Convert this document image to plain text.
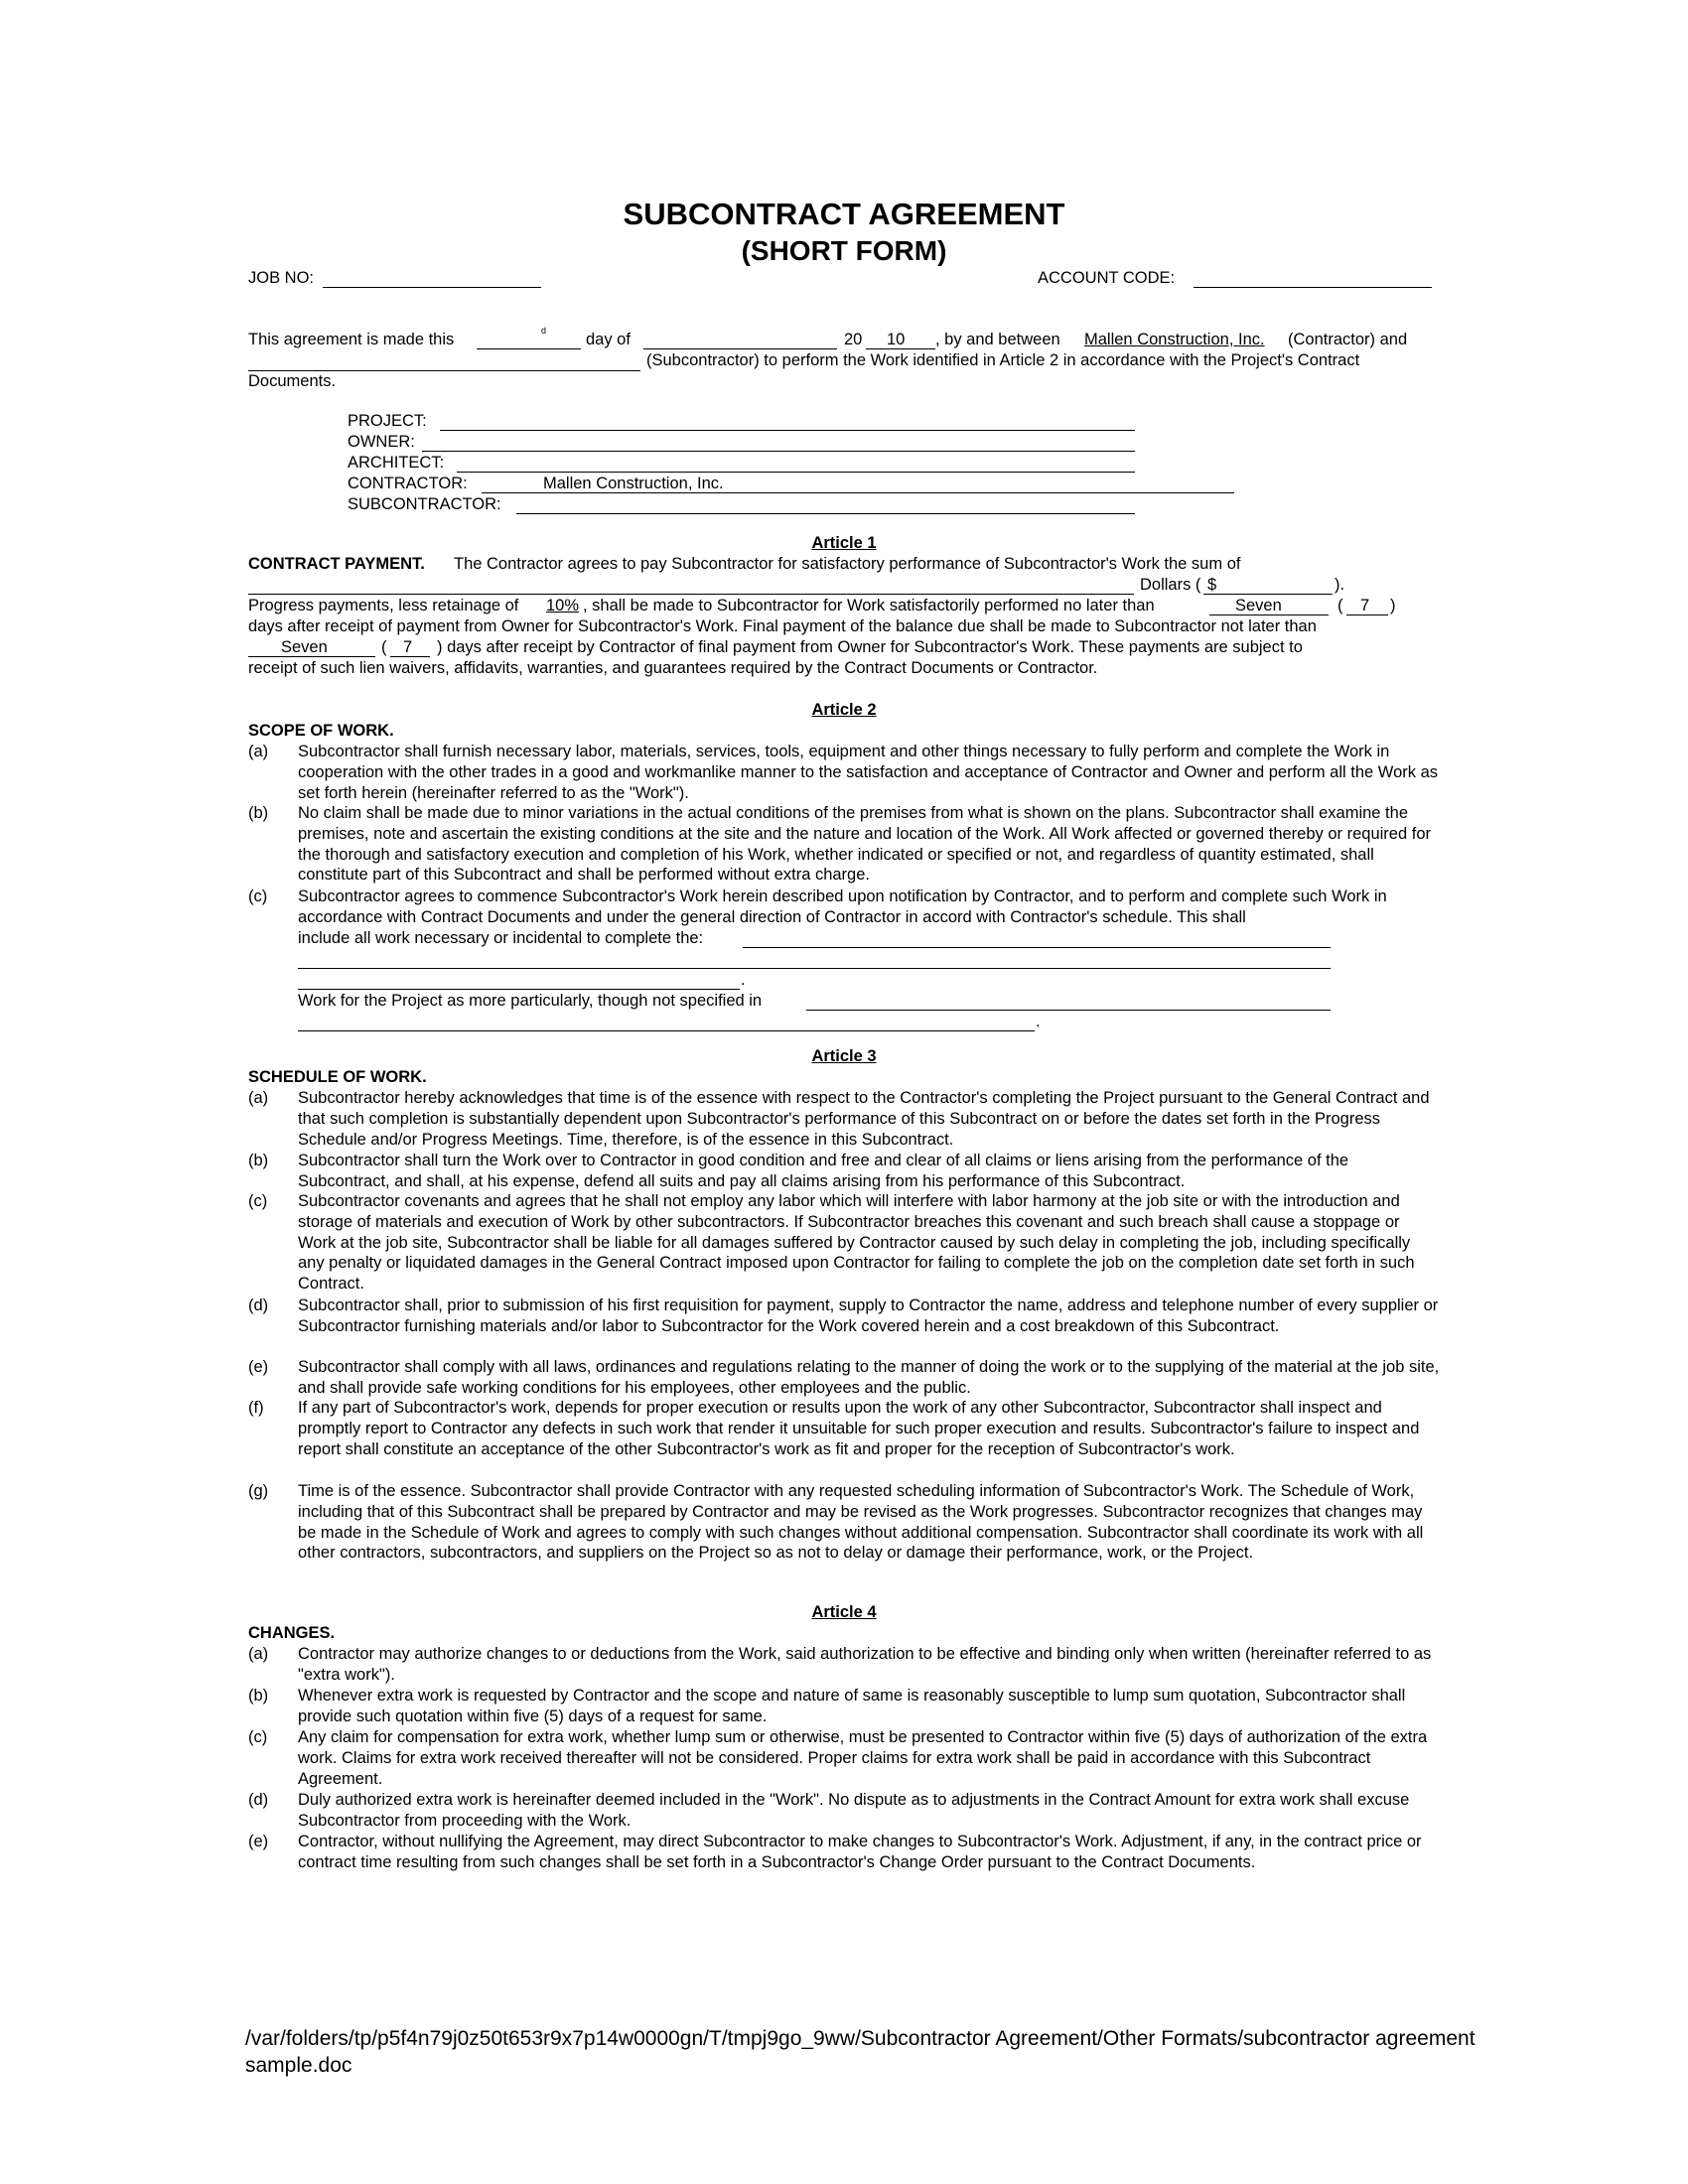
SUBCONTRACT AGREEMENT
(SHORT FORM)
JOB NO:	ACCOUNT CODE:
This agreement is made this	d day of	20 10 , by and between Mallen Construction, Inc. (Contractor) and
(Subcontractor) to perform the Work identified in Article 2 in accordance with the Project's Contract
Documents.
PROJECT:
OWNER:
ARCHITECT:
CONTRACTOR:	Mallen Construction, Inc.
SUBCONTRACTOR:
Article 1
CONTRACT PAYMENT. The Contractor agrees to pay Subcontractor for satisfactory performance of Subcontractor's Work the sum of
Dollars ( $	).
Progress payments, less retainage of 10% , shall be made to Subcontractor for Work satisfactorily performed no later than	Seven	( 7 )
days after receipt of payment from Owner for Subcontractor's Work. Final payment of the balance due shall be made to Subcontractor not later than
Seven	( 7 ) days after receipt by Contractor of final payment from Owner for Subcontractor's Work. These payments are subject to
receipt of such lien waivers, affidavits, warranties, and guarantees required by the Contract Documents or Contractor.
Article 2
SCOPE OF WORK.
(a) Subcontractor shall furnish necessary labor, materials, services, tools, equipment and other things necessary to fully perform and complete the Work in cooperation with the other trades in a good and workmanlike manner to the satisfaction and acceptance of Contractor and Owner and perform all the Work as set forth herein (hereinafter referred to as the "Work").
(b) No claim shall be made due to minor variations in the actual conditions of the premises from what is shown on the plans. Subcontractor shall examine the premises, note and ascertain the existing conditions at the site and the nature and location of the Work. All Work affected or governed thereby or required for the thorough and satisfactory execution and completion of his Work, whether indicated or specified or not, and regardless of quantity estimated, shall constitute part of this Subcontract and shall be performed without extra charge.
(c) Subcontractor agrees to commence Subcontractor's Work herein described upon notification by Contractor, and to perform and complete such Work in accordance with Contract Documents and under the general direction of Contractor in accord with Contractor's schedule. This shall
include all work necessary or incidental to complete the:
.
Work for the Project as more particularly, though not specified in
.
Article 3
SCHEDULE OF WORK.
(a) Subcontractor hereby acknowledges that time is of the essence with respect to the Contractor's completing the Project pursuant to the General Contract and that such completion is substantially dependent upon Subcontractor's performance of this Subcontract on or before the dates set forth in the Progress Schedule and/or Progress Meetings. Time, therefore, is of the essence in this Subcontract.
(b) Subcontractor shall turn the Work over to Contractor in good condition and free and clear of all claims or liens arising from the performance of the Subcontract, and shall, at his expense, defend all suits and pay all claims arising from his performance of this Subcontract.
(c) Subcontractor covenants and agrees that he shall not employ any labor which will interfere with labor harmony at the job site or with the introduction and storage of materials and execution of Work by other subcontractors. If Subcontractor breaches this covenant and such breach shall cause a stoppage or Work at the job site, Subcontractor shall be liable for all damages suffered by Contractor caused by such delay in completing the job, including specifically any penalty or liquidated damages in the General Contract imposed upon Contractor for failing to complete the job on the completion date set forth in such Contract.
(d) Subcontractor shall, prior to submission of his first requisition for payment, supply to Contractor the name, address and telephone number of every supplier or Subcontractor furnishing materials and/or labor to Subcontractor for the Work covered herein and a cost breakdown of this Subcontract.
(e) Subcontractor shall comply with all laws, ordinances and regulations relating to the manner of doing the work or to the supplying of the material at the job site, and shall provide safe working conditions for his employees, other employees and the public.
(f) If any part of Subcontractor's work, depends for proper execution or results upon the work of any other Subcontractor, Subcontractor shall inspect and promptly report to Contractor any defects in such work that render it unsuitable for such proper execution and results. Subcontractor's failure to inspect and report shall constitute an acceptance of the other Subcontractor's work as fit and proper for the reception of Subcontractor's work.
(g) Time is of the essence. Subcontractor shall provide Contractor with any requested scheduling information of Subcontractor's Work. The Schedule of Work, including that of this Subcontract shall be prepared by Contractor and may be revised as the Work progresses. Subcontractor recognizes that changes may be made in the Schedule of Work and agrees to comply with such changes without additional compensation. Subcontractor shall coordinate its work with all other contractors, subcontractors, and suppliers on the Project so as not to delay or damage their performance, work, or the Project.
Article 4
CHANGES.
(a) Contractor may authorize changes to or deductions from the Work, said authorization to be effective and binding only when written (hereinafter referred to as "extra work").
(b) Whenever extra work is requested by Contractor and the scope and nature of same is reasonably susceptible to lump sum quotation, Subcontractor shall provide such quotation within five (5) days of a request for same.
(c) Any claim for compensation for extra work, whether lump sum or otherwise, must be presented to Contractor within five (5) days of authorization of the extra work. Claims for extra work received thereafter will not be considered. Proper claims for extra work shall be paid in accordance with this Subcontract Agreement.
(d) Duly authorized extra work is hereinafter deemed included in the "Work". No dispute as to adjustments in the Contract Amount for extra work shall excuse Subcontractor from proceeding with the Work.
(e) Contractor, without nullifying the Agreement, may direct Subcontractor to make changes to Subcontractor's Work. Adjustment, if any, in the contract price or contract time resulting from such changes shall be set forth in a Subcontractor's Change Order pursuant to the Contract Documents.
/var/folders/tp/p5f4n79j0z50t653r9x7p14w0000gn/T/tmpj9go_9ww/Subcontractor Agreement/Other Formats/subcontractor agreement sample.doc
